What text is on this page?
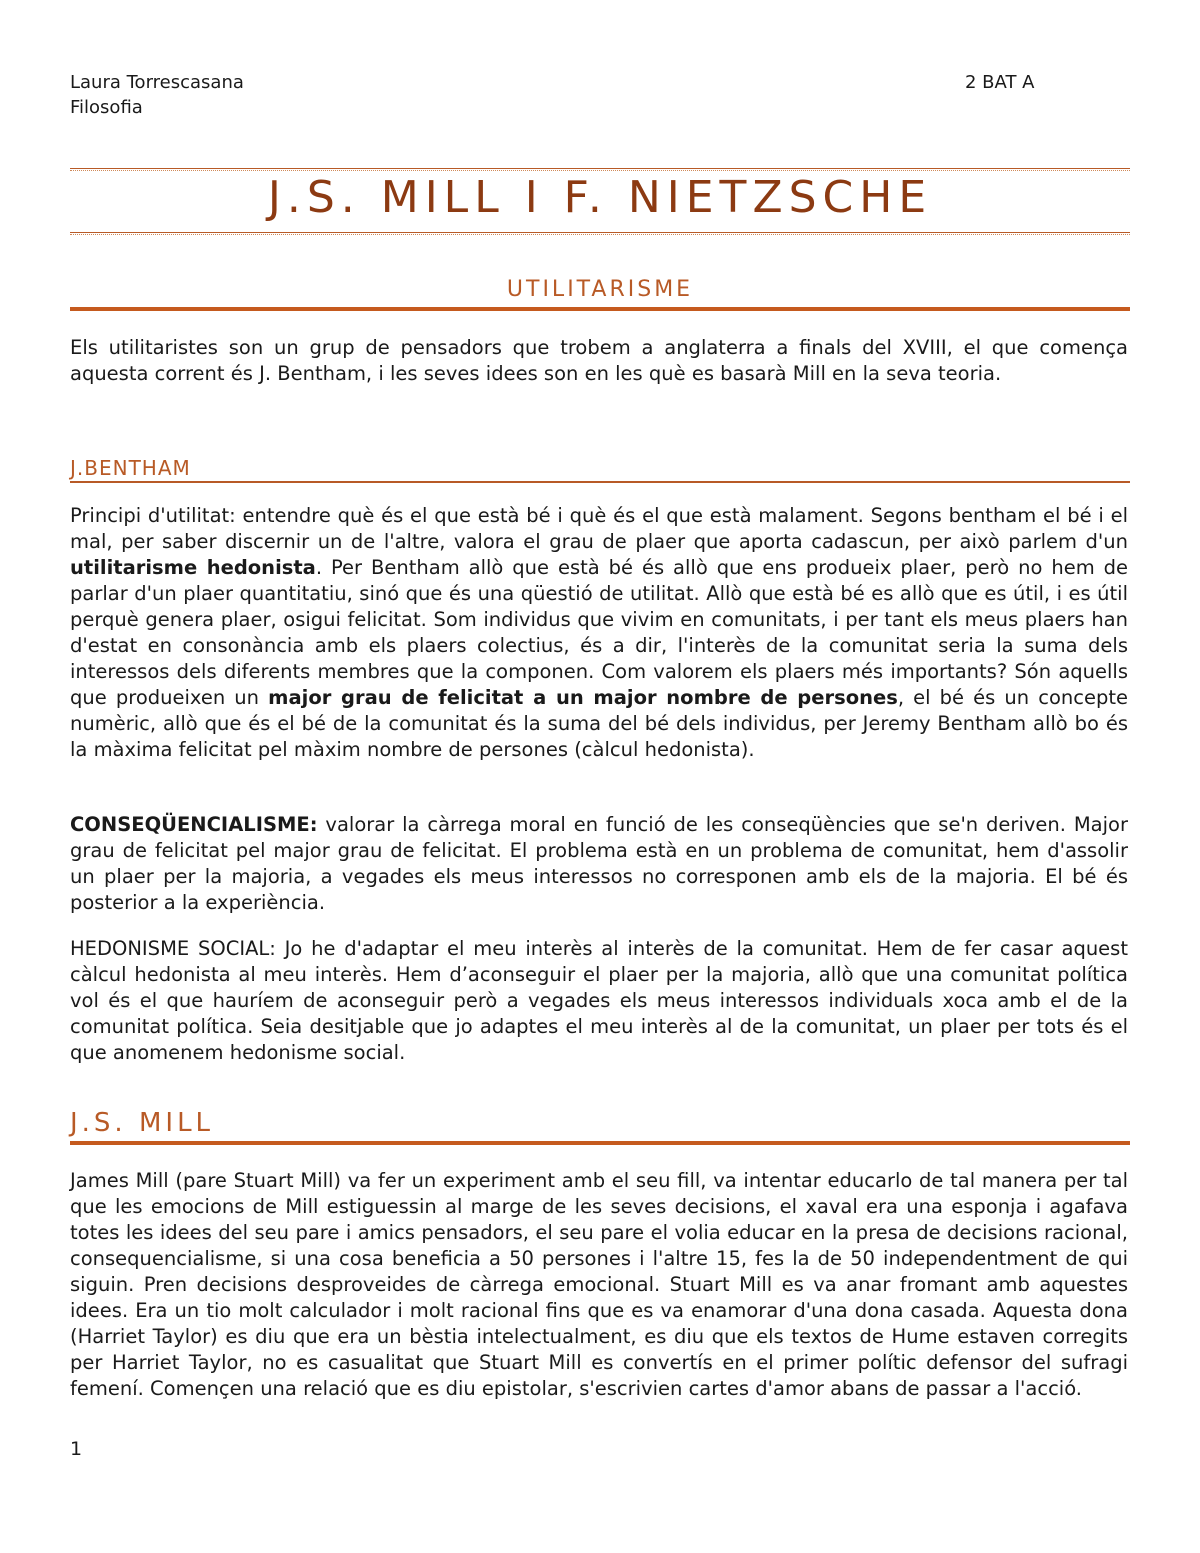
Laura Torrescasana
Filosofia
2 BAT A
J.S. MILL I F. NIETZSCHE
UTILITARISME
Els utilitaristes son un grup de pensadors que trobem a anglaterra a finals del XVIII, el que comença aquesta corrent és J. Bentham, i les seves idees son en les què es basarà Mill en la seva teoria.
J.BENTHAM
Principi d'utilitat: entendre què és el que està bé i què és el que està malament. Segons bentham el bé i el mal, per saber discernir un de l'altre, valora el grau de plaer que aporta cadascun, per això parlem d'un utilitarisme hedonista. Per Bentham allò que està bé és allò que ens produeix plaer, però no hem de parlar d'un plaer quantitatiu, sinó que és una qüestió de utilitat. Allò que està bé es allò que es útil, i es útil perquè genera plaer, osigui felicitat. Som individus que vivim en comunitats, i per tant els meus plaers han d'estat en consonància amb els plaers colectius, és a dir, l'interès de la comunitat seria la suma dels interessos dels diferents membres que la componen. Com valorem els plaers més importants? Són aquells que produeixen un major grau de felicitat a un major nombre de persones, el bé és un concepte numèric, allò que és el bé de la comunitat és la suma del bé dels individus, per Jeremy Bentham allò bo és la màxima felicitat pel màxim nombre de persones (càlcul hedonista).
CONSEQÜENCIALISME: valorar la càrrega moral en funció de les conseqüències que se'n deriven. Major grau de felicitat pel major grau de felicitat. El problema està en un problema de comunitat, hem d'assolir un plaer per la majoria, a vegades els meus interessos no corresponen amb els de la majoria. El bé és posterior a la experiència.
HEDONISME SOCIAL: Jo he d'adaptar el meu interès al interès de la comunitat. Hem de fer casar aquest càlcul hedonista al meu interès. Hem d’aconseguir el plaer per la majoria, allò que una comunitat política vol és el que hauríem de aconseguir però a vegades els meus interessos individuals xoca amb el de la comunitat política. Seia desitjable que jo adaptes el meu interès al de la comunitat, un plaer per tots és el que anomenem hedonisme social.
J.S. MILL
James Mill (pare Stuart Mill) va fer un experiment amb el seu fill, va intentar educarlo de tal manera per tal que les emocions de Mill estiguessin al marge de les seves decisions, el xaval era una esponja i agafava totes les idees del seu pare i amics pensadors, el seu pare el volia educar en la presa de decisions racional, consequencialisme, si una cosa beneficia a 50 persones i l'altre 15, fes la de 50 independentment de qui siguin. Pren decisions desproveides de càrrega emocional. Stuart Mill es va anar fromant amb aquestes idees. Era un tio molt calculador i molt racional fins que es va enamorar d'una dona casada. Aquesta dona (Harriet Taylor) es diu que era un bèstia intelectualment, es diu que els textos de Hume estaven corregits per Harriet Taylor, no es casualitat que Stuart Mill es convertís en el primer polític defensor del sufragi femení. Començen una relació que es diu epistolar, s'escrivien cartes d'amor abans de passar a l'acció.
1
